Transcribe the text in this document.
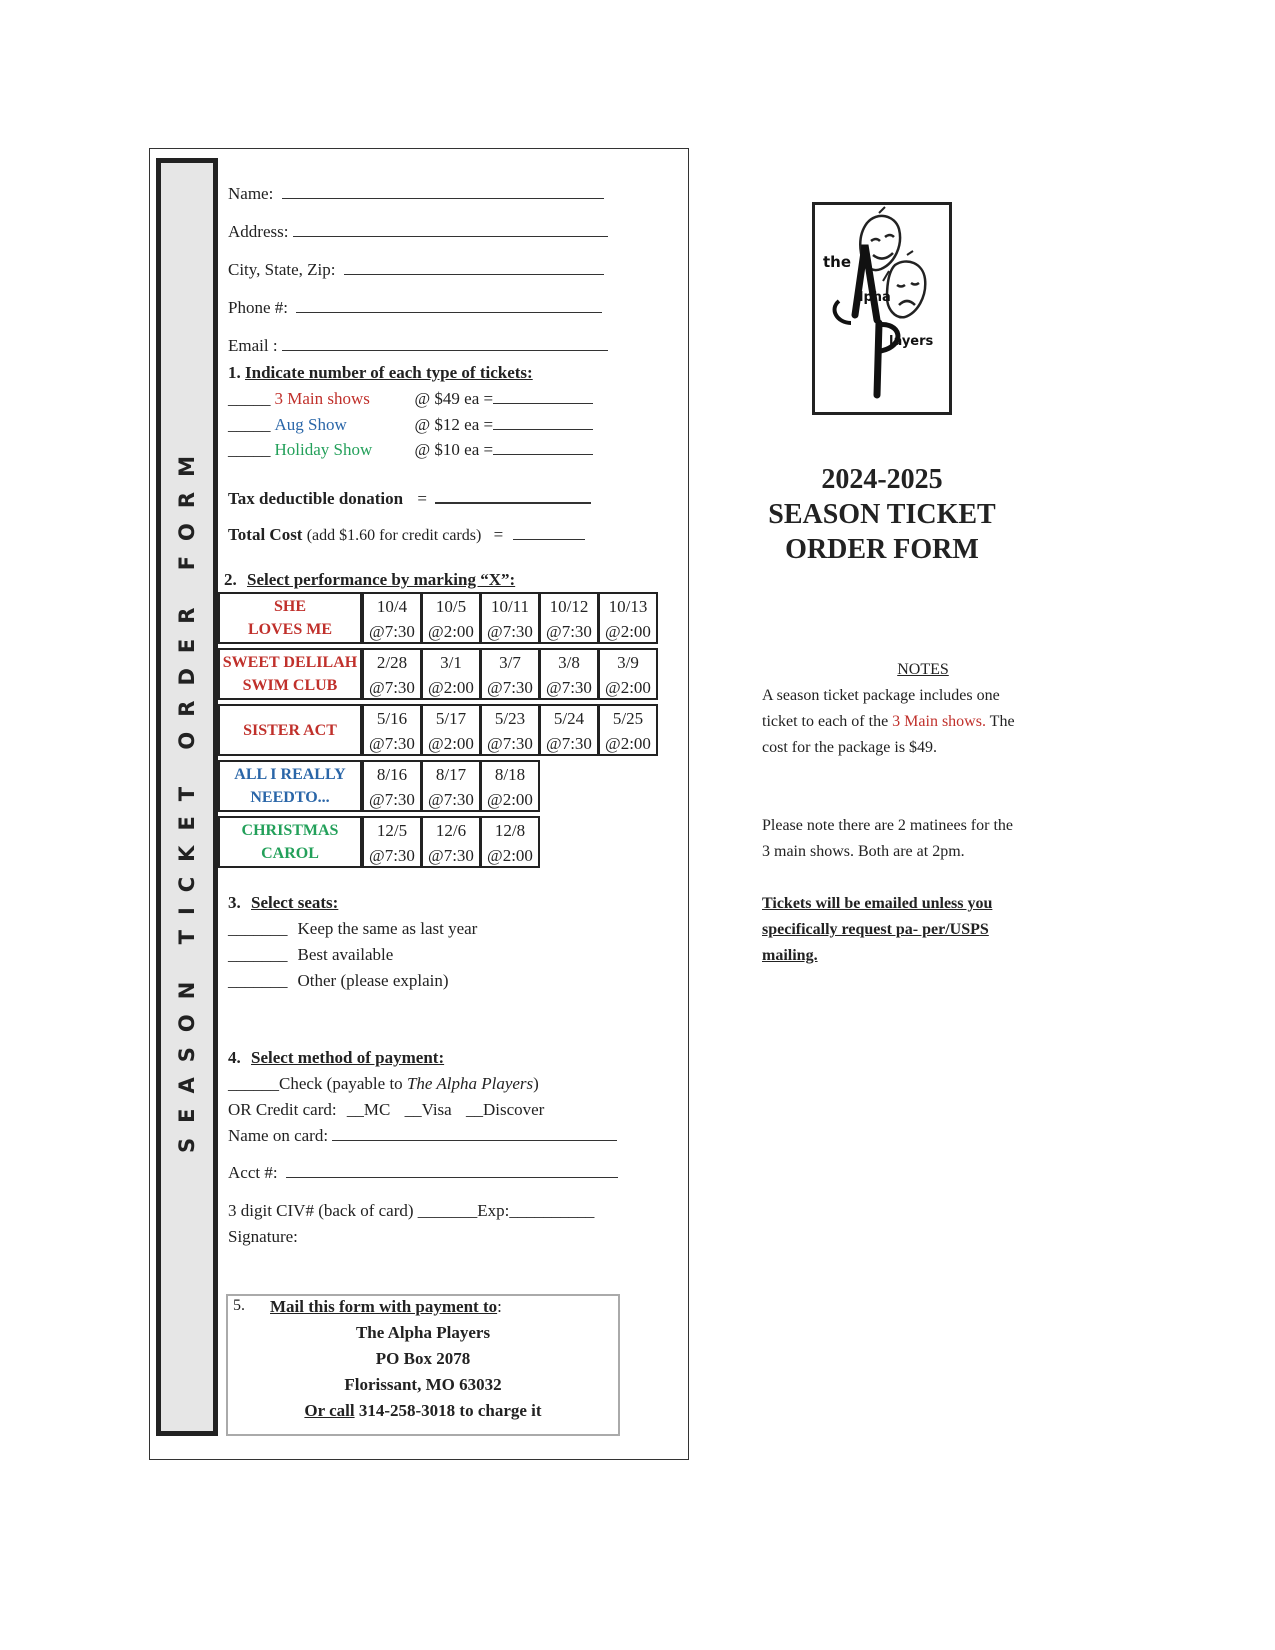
SEASON TICKET ORDER FORM
Name:
Address:
City, State, Zip:
Phone #:
Email :
1. Indicate number of each type of tickets:
_____ 3 Main shows	@ $49 ea =
_____ Aug Show	@ $12 ea =
_____ Holiday Show @ $10 ea =
Tax deductible donation =
Total Cost (add $1.60 for credit cards) =
2. Select performance by marking “X”:
SHE
LOVES ME
10/4
@7:30
10/5
@2:00
10/11
@7:30
10/12
@7:30
10/13
@2:00
SWEET DELILAH
SWIM CLUB
2/28
@7:30
3/1
@2:00
3/7
@7:30
3/8
@7:30
3/9
@2:00
SISTER ACT
5/16
@7:30
5/17
@2:00
5/23
@7:30
5/24
@7:30
5/25
@2:00
ALL I REALLY
NEEDTO...
8/16
@7:30
8/17
@7:30
8/18
@2:00
CHRISTMAS
CAROL
12/5
@7:30
12/6
@7:30
12/8
@2:00
3. Select seats:
_______ Keep the same as last year
_______ Best available
_______ Other (please explain)
4. Select method of payment:
______Check (payable to The Alpha Players)
OR Credit card: __MC __Visa __Discover
Name on card:
Acct #:
3 digit CIV# (back of card) _______Exp:__________
Signature:
5. Mail this form with payment to:
The Alpha Players
PO Box 2078
Florissant, MO 63032
Or call 314-258-3018 to charge it
the
lpha
layers
2024-2025
SEASON TICKET
ORDER FORM
NOTES
A season ticket package includes one ticket to each of the 3 Main shows. The cost for the package is $49.
Please note there are 2 matinees for the 3 main shows. Both are at 2pm.
Tickets will be emailed unless you specifically request pa- per/USPS mailing.
